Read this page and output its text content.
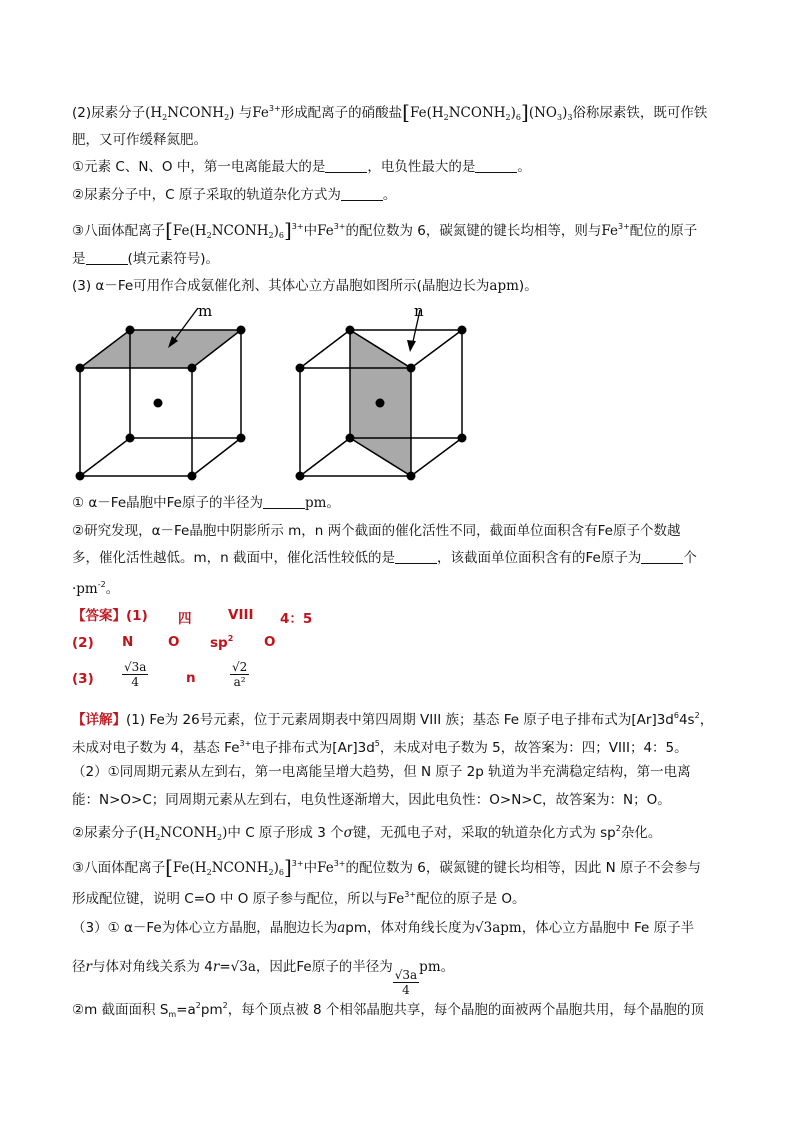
(2)尿素分子$(H_2NCONH_2)$ 与$Fe^{3+}$形成配离子的硝酸盐$[Fe(H_2NCONH_2)_6](NO_3)_3$俗称尿素铁，既可作铁
肥，又可作缓释氮肥。
①元素 C、N、O 中，第一电离能最大的是	，电负性最大的是	。
②尿素分子中，C 原子采取的轨道杂化方式为	。
③八面体配离子$[Fe(H_2NCONH_2)_6]^{3+}$中$Fe^{3+}$的配位数为 6，碳氮键的键长均相等，则与$Fe^{3+}$配位的原子
是	(填元素符号)。
(3) α－Fe可用作合成氨催化剂、其体心立方晶胞如图所示(晶胞边长为apm)。
m	n
① α－Fe晶胞中Fe原子的半径为	pm。
②研究发现，α－Fe晶胞中阴影所示 m，n 两个截面的催化活性不同，截面单位面积含有Fe原子个数越
多，催化活性越低。m，n 截面中，催化活性较低的是	，该截面单位面积含有的Fe原子为	个
$\cdot pm^{-2}$。
【答案】(1)	四	VIII 4：5
(2)	N	O $sp^2$ O
(3)	$\frac{√3a}{4}$	n	$\frac{√2}{\text{a²}}$
【详解】(1) Fe为 26号元素，位于元素周期表中第四周期 VIII 族；基态 Fe 原子电子排布式为$[Ar]3d^64s^2$，
未成对电子数为 4，基态 $Fe^{3+}$电子排布式为$[Ar]3d^5$，未成对电子数为 5，故答案为：四；VIII；4：5。
（2）①同周期元素从左到右，第一电离能呈增大趋势，但 N 原子 2p 轨道为半充满稳定结构，第一电离
能：N>O>C；同周期元素从左到右，电负性逐渐增大，因此电负性：O>N>C，故答案为：N；O。
②尿素分子$(H_2NCONH_2)$中 C 原子形成 3 个σ键，无孤电子对，采取的轨道杂化方式为 $sp^2$杂化。
③八面体配离子$[Fe(H_2NCONH_2)_6]^{3+}$中$Fe^{3+}$的配位数为 6，碳氮键的键长均相等，因此 N 原子不会参与
形成配位键，说明 C=O 中 O 原子参与配位，所以与$Fe^{3+}$配位的原子是 O。
（3）① α－Fe为体心立方晶胞，晶胞边长为apm，体对角线长度为√3apm，体心立方晶胞中 Fe 原子半
径r与体对角线关系为 4r=√3a，因此Fe原子的半径为
$\frac{√3a}{4}$
pm。
②m 截面面积 $S_m=a^2pm^2$，每个顶点被 8 个相邻晶胞共享，每个晶胞的面被两个晶胞共用，每个晶胞的顶
